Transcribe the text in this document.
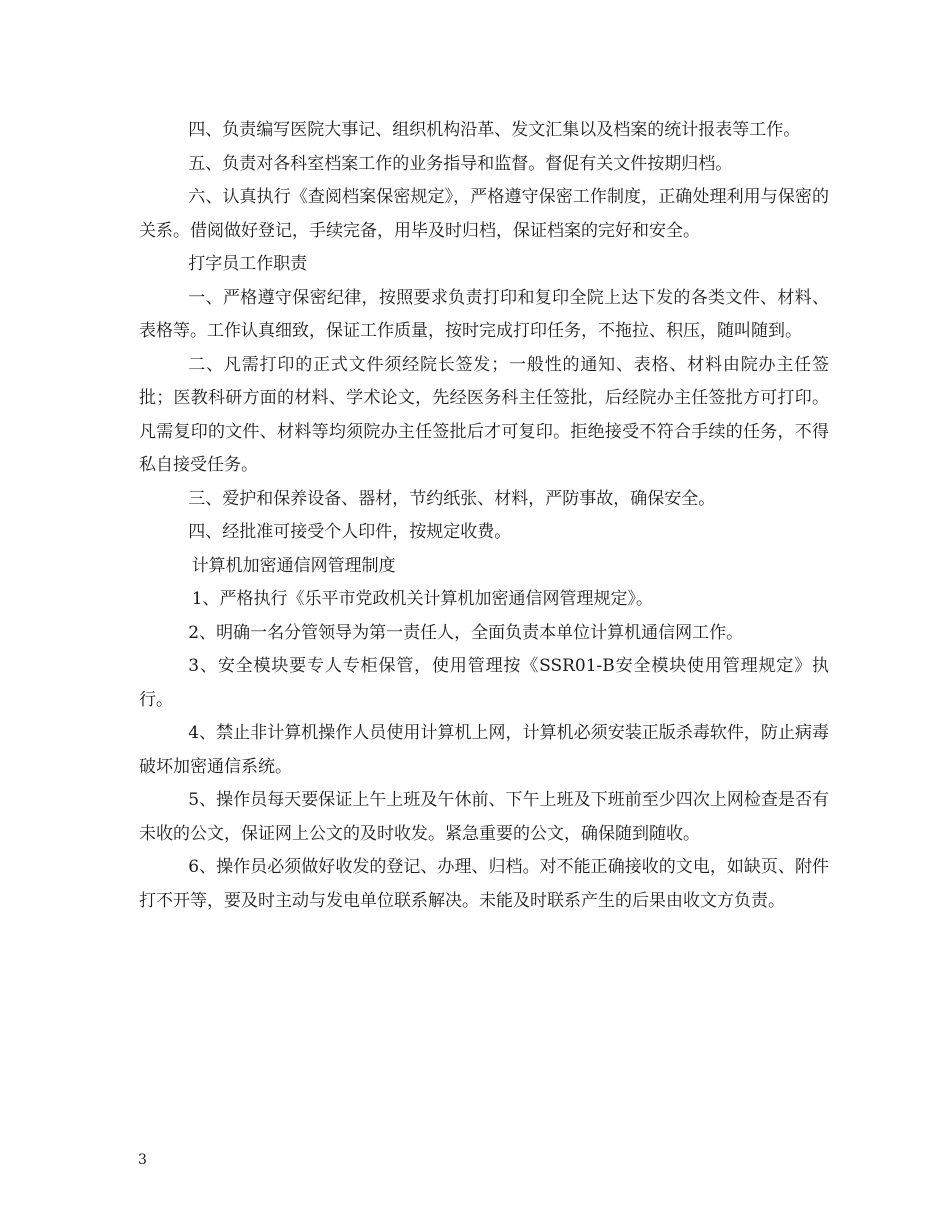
四、负责编写医院大事记、组织机构沿革、发文汇集以及档案的统计报表等工作。

五、负责对各科室档案工作的业务指导和监督。督促有关文件按期归档。

六、认真执行《查阅档案保密规定》，严格遵守保密工作制度，正确处理利用与保密的关系。借阅做好登记，手续完备，用毕及时归档，保证档案的完好和安全。

打字员工作职责

一、严格遵守保密纪律，按照要求负责打印和复印全院上达下发的各类文件、材料、表格等。工作认真细致，保证工作质量，按时完成打印任务，不拖拉、积压，随叫随到。

二、凡需打印的正式文件须经院长签发；一般性的通知、表格、材料由院办主任签批；医教科研方面的材料、学术论文，先经医务科主任签批，后经院办主任签批方可打印。凡需复印的文件、材料等均须院办主任签批后才可复印。拒绝接受不符合手续的任务，不得私自接受任务。

三、爱护和保养设备、器材，节约纸张、材料，严防事故，确保安全。

四、经批准可接受个人印件，按规定收费。

计算机加密通信网管理制度

1、严格执行《乐平市党政机关计算机加密通信网管理规定》。

2、明确一名分管领导为第一责任人，全面负责本单位计算机通信网工作。

3、安全模块要专人专柜保管，使用管理按《SSR01-B安全模块使用管理规定》执行。

4、禁止非计算机操作人员使用计算机上网，计算机必须安装正版杀毒软件，防止病毒破坏加密通信系统。

5、操作员每天要保证上午上班及午休前、下午上班及下班前至少四次上网检查是否有未收的公文，保证网上公文的及时收发。紧急重要的公文，确保随到随收。

6、操作员必须做好收发的登记、办理、归档。对不能正确接收的文电，如缺页、附件打不开等，要及时主动与发电单位联系解决。未能及时联系产生的后果由收文方负责。

3
